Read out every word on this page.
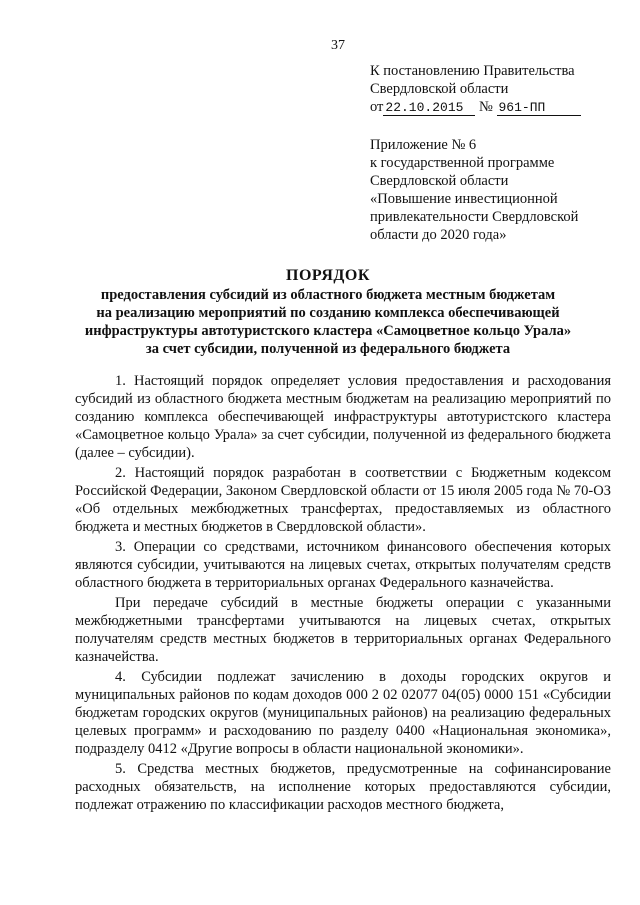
37
К постановлению Правительства
Свердловской области
от 22.10.2015 № 961-ПП
Приложение № 6
к государственной программе
Свердловской области
«Повышение инвестиционной
привлекательности Свердловской
области до 2020 года»
ПОРЯДОК
предоставления субсидий из областного бюджета местным бюджетам
на реализацию мероприятий по созданию комплекса обеспечивающей
инфраструктуры автотуристского кластера «Самоцветное кольцо Урала»
за счет субсидии, полученной из федерального бюджета

1. Настоящий порядок определяет условия предоставления и расходования субсидий из областного бюджета местным бюджетам на реализацию мероприятий по созданию комплекса обеспечивающей инфраструктуры автотуристского кластера «Самоцветное кольцо Урала» за счет субсидии, полученной из федерального бюджета (далее – субсидии).

2. Настоящий порядок разработан в соответствии с Бюджетным кодексом Российской Федерации, Законом Свердловской области от 15 июля 2005 года № 70-ОЗ «Об отдельных межбюджетных трансфертах, предоставляемых из областного бюджета и местных бюджетов в Свердловской области».

3. Операции со средствами, источником финансового обеспечения которых являются субсидии, учитываются на лицевых счетах, открытых получателям средств областного бюджета в территориальных органах Федерального казначейства.

При передаче субсидий в местные бюджеты операции с указанными межбюджетными трансфертами учитываются на лицевых счетах, открытых получателям средств местных бюджетов в территориальных органах Федерального казначейства.

4. Субсидии подлежат зачислению в доходы городских округов и муниципальных районов по кодам доходов 000 2 02 02077 04(05) 0000 151 «Субсидии бюджетам городских округов (муниципальных районов) на реализацию федеральных целевых программ» и расходованию по разделу 0400 «Национальная экономика», подразделу 0412 «Другие вопросы в области национальной экономики».

5. Средства местных бюджетов, предусмотренные на софинансирование расходных обязательств, на исполнение которых предоставляются субсидии, подлежат отражению по классификации расходов местного бюджета,
